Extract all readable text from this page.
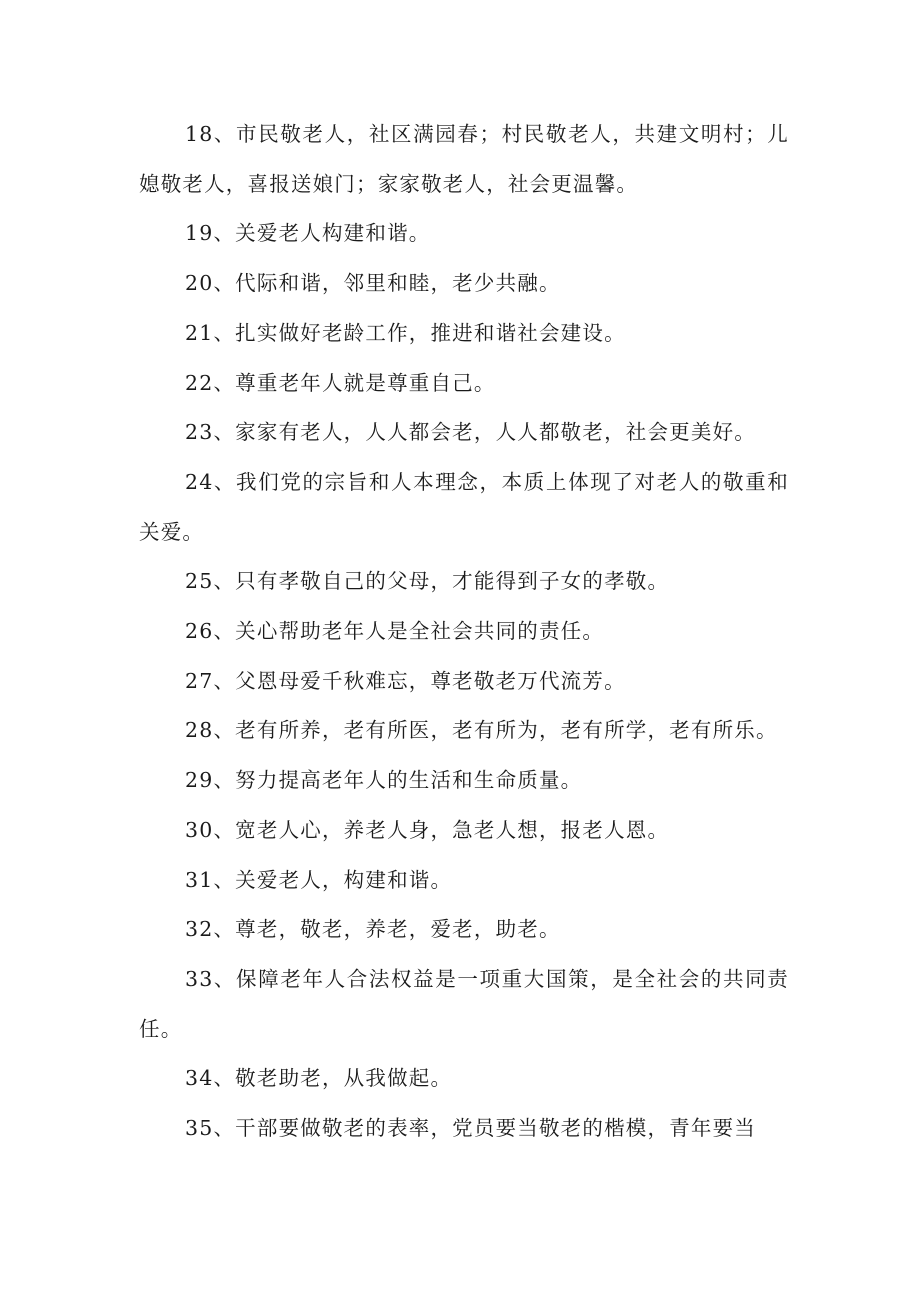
18、市民敬老人，社区满园春；村民敬老人，共建文明村；儿媳敬老人，喜报送娘门；家家敬老人，社会更温馨。

19、关爱老人构建和谐。

20、代际和谐，邻里和睦，老少共融。

21、扎实做好老龄工作，推进和谐社会建设。

22、尊重老年人就是尊重自己。

23、家家有老人，人人都会老，人人都敬老，社会更美好。

24、我们党的宗旨和人本理念，本质上体现了对老人的敬重和关爱。

25、只有孝敬自己的父母，才能得到子女的孝敬。

26、关心帮助老年人是全社会共同的责任。

27、父恩母爱千秋难忘，尊老敬老万代流芳。

28、老有所养，老有所医，老有所为，老有所学，老有所乐。

29、努力提高老年人的生活和生命质量。

30、宽老人心，养老人身，急老人想，报老人恩。

31、关爱老人，构建和谐。

32、尊老，敬老，养老，爱老，助老。

33、保障老年人合法权益是一项重大国策，是全社会的共同责任。

34、敬老助老，从我做起。

35、干部要做敬老的表率，党员要当敬老的楷模，青年要当
